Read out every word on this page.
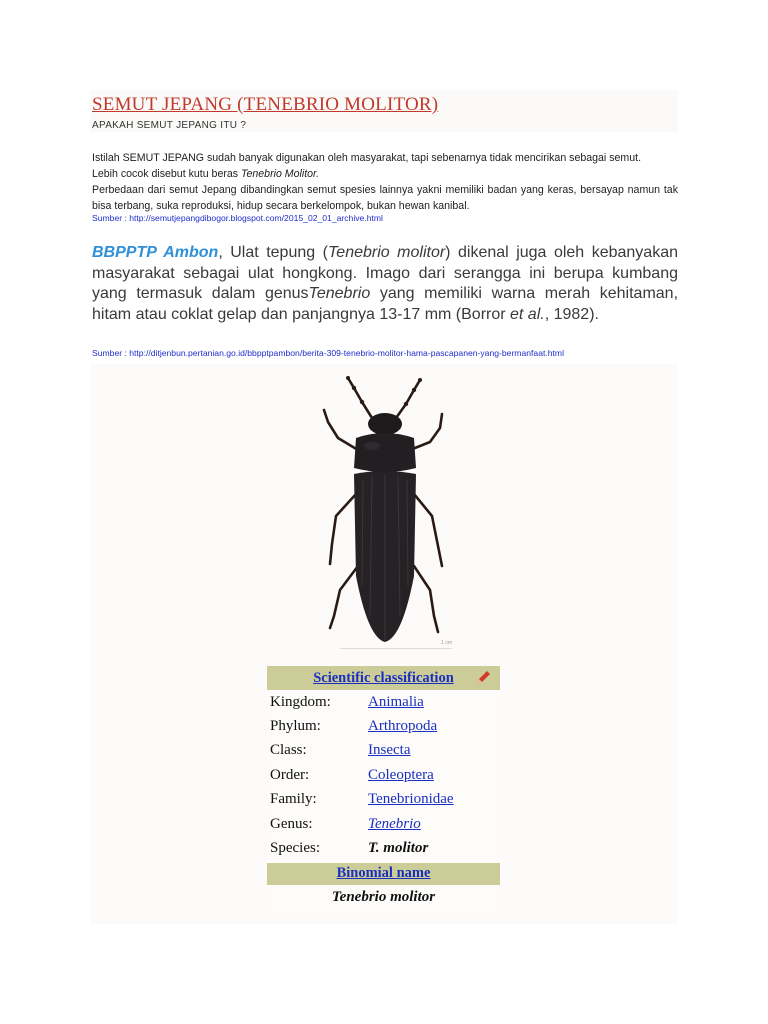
SEMUT JEPANG (TENEBRIO MOLITOR)
APAKAH SEMUT JEPANG ITU ?
Istilah SEMUT JEPANG sudah banyak digunakan oleh masyarakat, tapi sebenarnya tidak mencirikan sebagai semut.
Lebih cocok disebut kutu beras Tenebrio Molitor.
Perbedaan dari semut Jepang dibandingkan semut spesies lainnya yakni memiliki badan yang keras, bersayap namun tak bisa terbang, suka reproduksi, hidup secara berkelompok, bukan hewan kanibal.
Sumber : http://semutjepangdibogor.blogspot.com/2015_02_01_archive.html
BBPPTP Ambon, Ulat tepung (Tenebrio molitor) dikenal juga oleh kebanyakan masyarakat sebagai ulat hongkong. Imago dari serangga ini berupa kumbang yang termasuk dalam genusTenebrio yang memiliki warna merah kehitaman, hitam atau coklat gelap dan panjangnya 13-17 mm (Borror et al., 1982).
Sumber : http://ditjenbun.pertanian.go.id/bbpptpambon/berita-309-tenebrio-molitor-hama-pascapanen-yang-bermanfaat.html
1 cm
Scientific classification
Kingdom:	Animalia
Phylum:	Arthropoda
Class:	Insecta
Order:	Coleoptera
Family:	Tenebrionidae
Genus:	Tenebrio
Species:	T. molitor
Binomial name
Tenebrio molitor
